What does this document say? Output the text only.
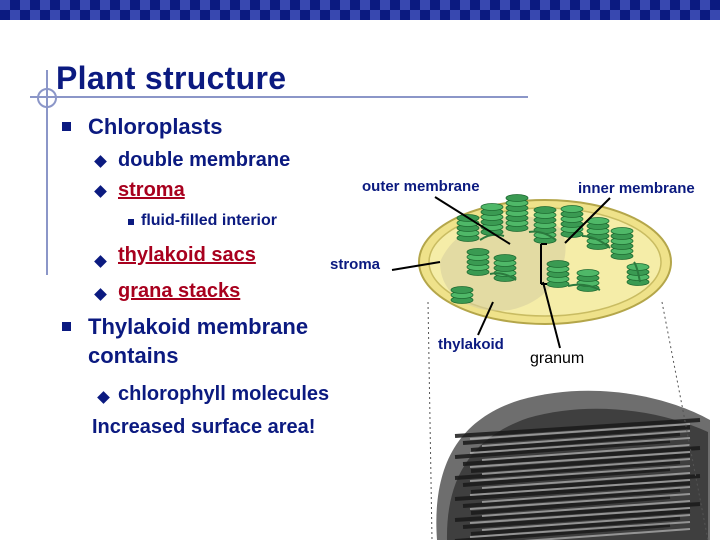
Plant structure
Chloroplasts
double membrane
stroma
fluid-filled interior
thylakoid sacs
grana stacks
Thylakoid membrane
contains
chlorophyll molecules
Increased surface area!
outer membrane	inner membrane
stroma
thylakoid
granum
